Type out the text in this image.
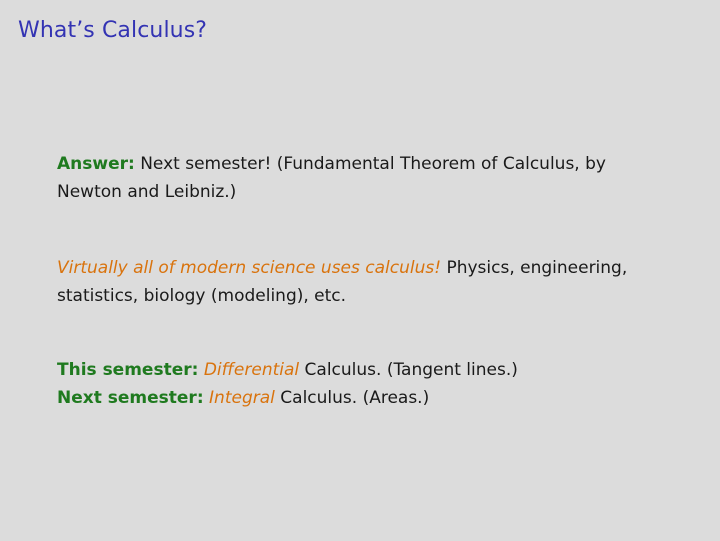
What’s Calculus?
Answer: Next semester! (Fundamental Theorem of Calculus, by
Newton and Leibniz.)
Virtually all of modern science uses calculus! Physics, engineering,
statistics, biology (modeling), etc.
This semester: Differential Calculus. (Tangent lines.)
Next semester: Integral Calculus. (Areas.)
